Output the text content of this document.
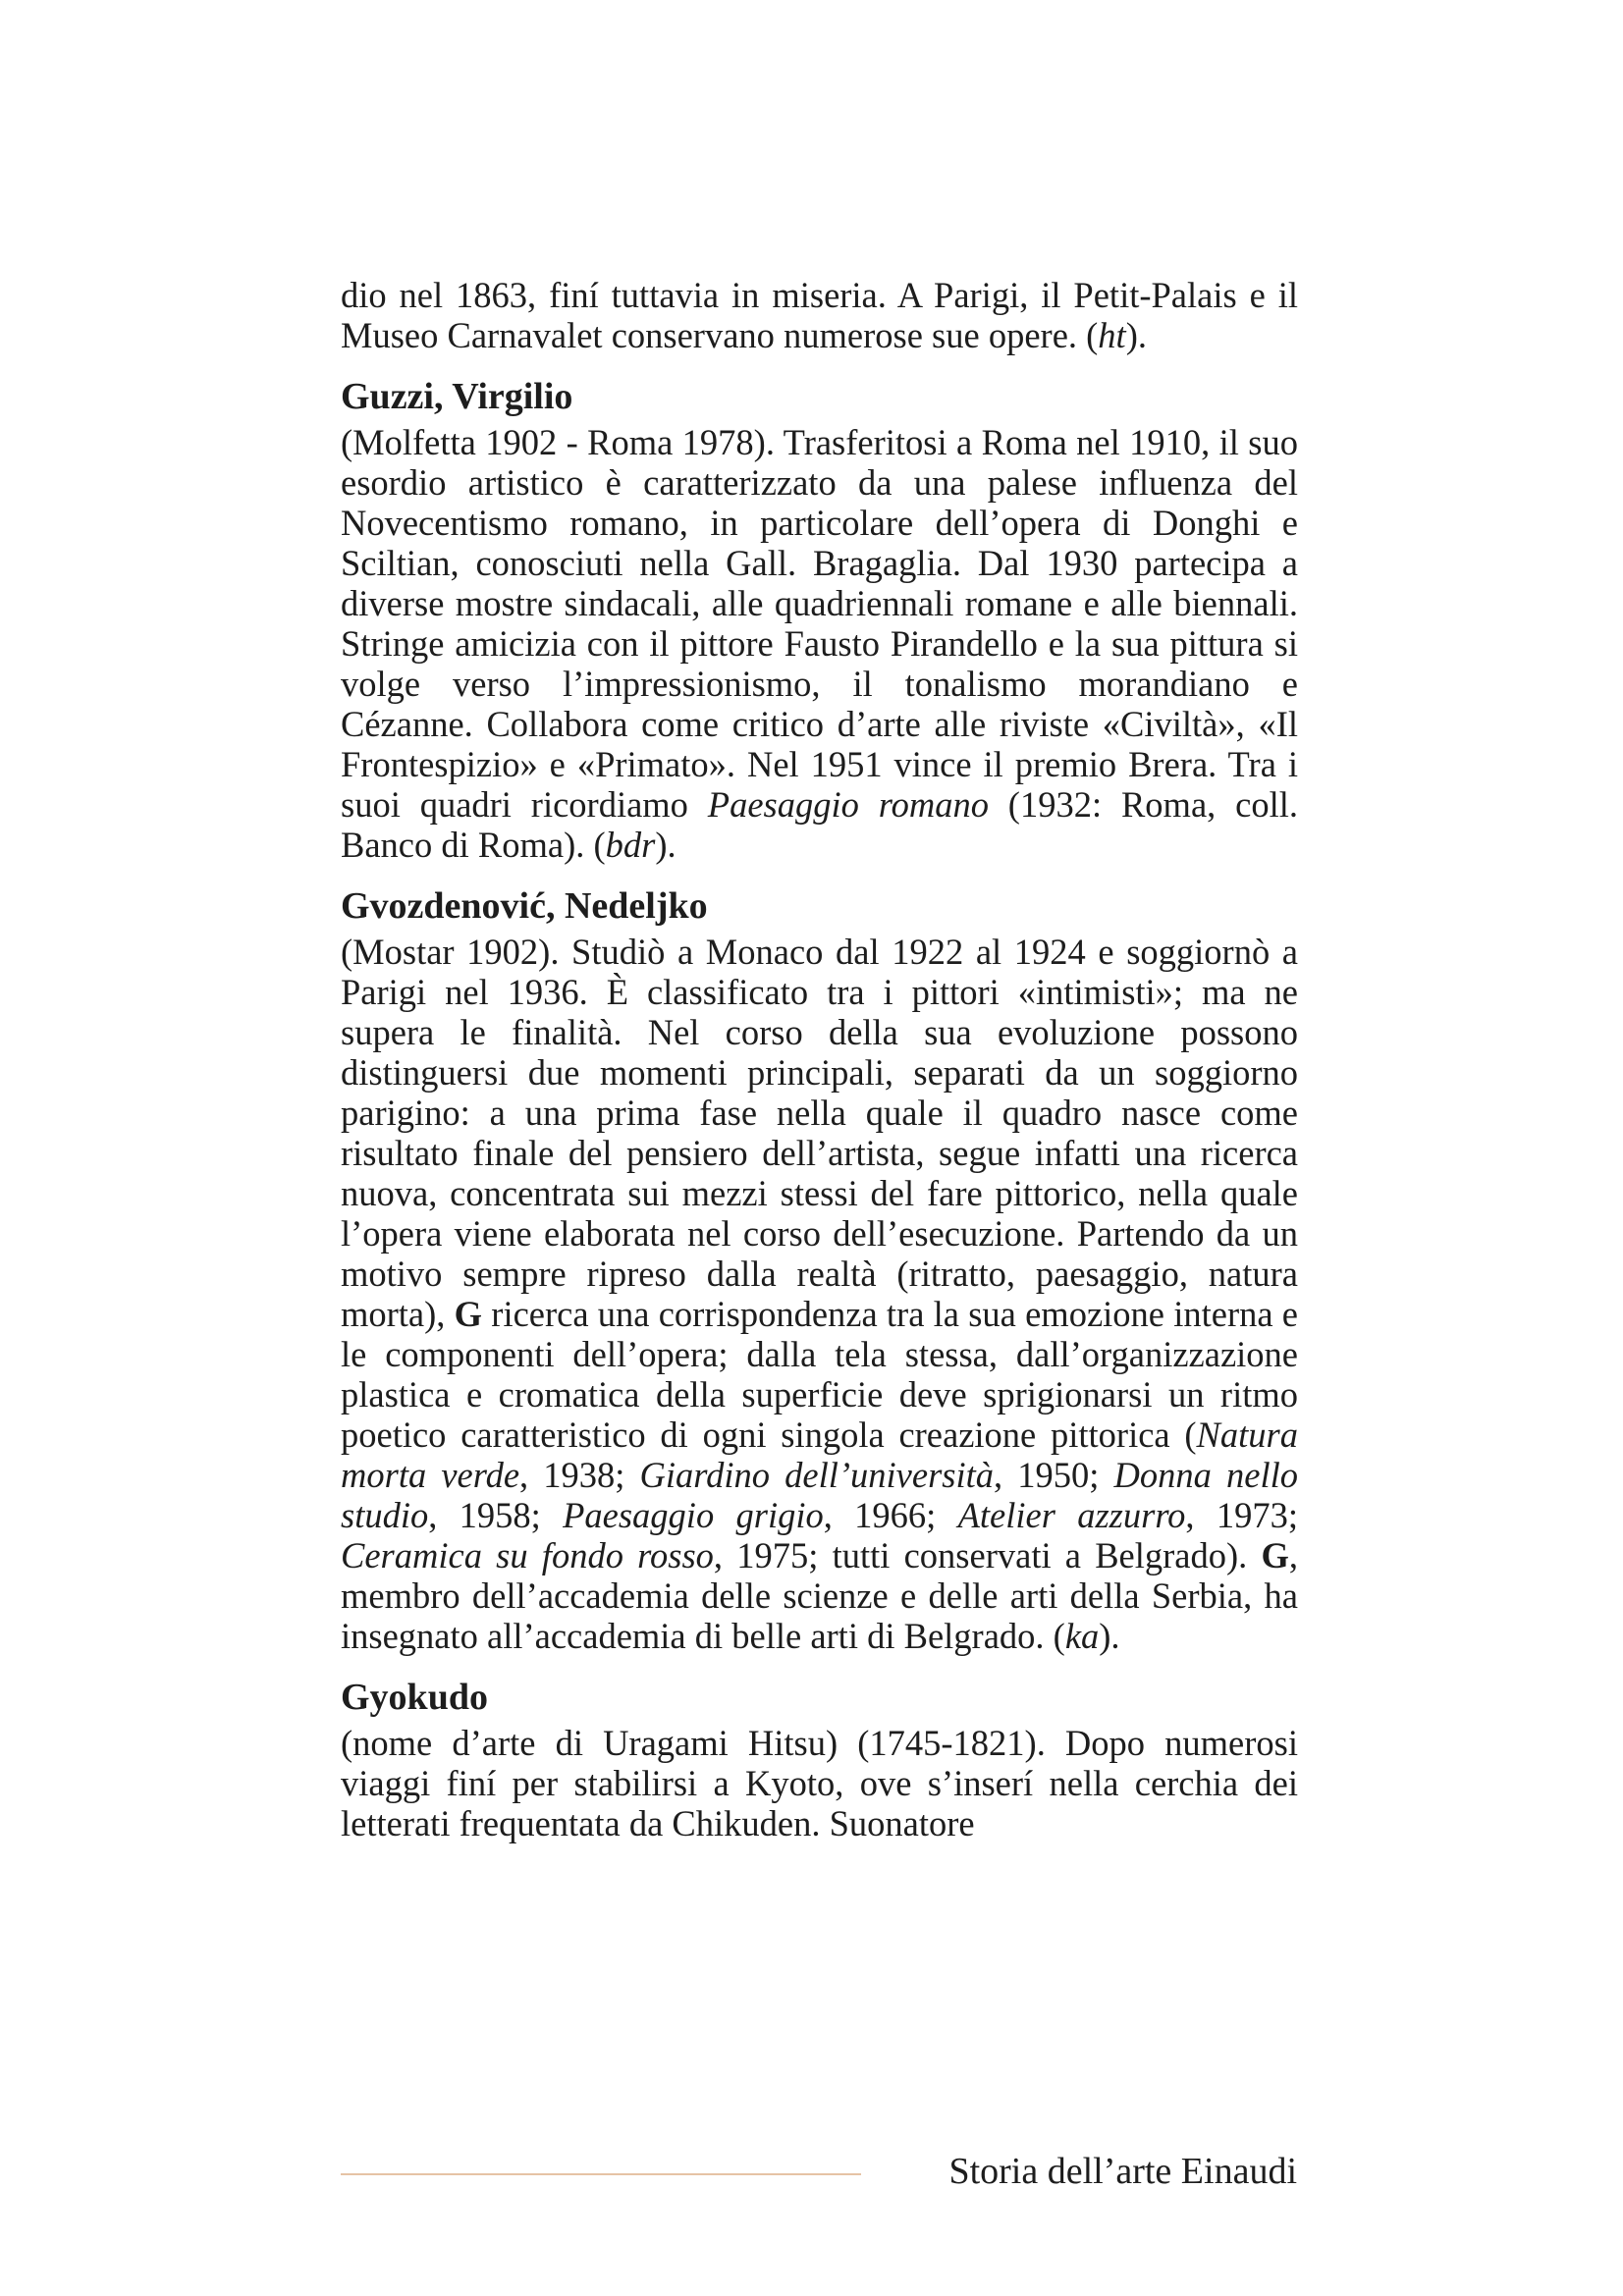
dio nel 1863, finí tuttavia in miseria. A Parigi, il Petit-Palais e il Museo Carnavalet conservano numerose sue opere. (ht).

Guzzi, Virgilio

(Molfetta 1902 - Roma 1978). Trasferitosi a Roma nel 1910, il suo esordio artistico è caratterizzato da una palese influenza del Novecentismo romano, in particolare dell’opera di Donghi e Sciltian, conosciuti nella Gall. Bragaglia. Dal 1930 partecipa a diverse mostre sindacali, alle quadriennali romane e alle biennali. Stringe amicizia con il pittore Fausto Pirandello e la sua pittura si volge verso l’impressionismo, il tonalismo morandiano e Cézanne. Collabora come critico d’arte alle riviste «Civiltà», «Il Frontespizio» e «Primato». Nel 1951 vince il premio Brera. Tra i suoi quadri ricordiamo Paesaggio romano (1932: Roma, coll. Banco di Roma). (bdr).

Gvozdenović, Nedeljko

(Mostar 1902). Studiò a Monaco dal 1922 al 1924 e soggiornò a Parigi nel 1936. È classificato tra i pittori «intimisti»; ma ne supera le finalità. Nel corso della sua evoluzione possono distinguersi due momenti principali, separati da un soggiorno parigino: a una prima fase nella quale il quadro nasce come risultato finale del pensiero dell’artista, segue infatti una ricerca nuova, concentrata sui mezzi stessi del fare pittorico, nella quale l’opera viene elaborata nel corso dell’esecuzione. Partendo da un motivo sempre ripreso dalla realtà (ritratto, paesaggio, natura morta), G ricerca una corrispondenza tra la sua emozione interna e le componenti dell’opera; dalla tela stessa, dall’organizzazione plastica e cromatica della superficie deve sprigionarsi un ritmo poetico caratteristico di ogni singola creazione pittorica (Natura morta verde, 1938; Giardino dell’università, 1950; Donna nello studio, 1958; Paesaggio grigio, 1966; Atelier azzurro, 1973; Ceramica su fondo rosso, 1975; tutti conservati a Belgrado). G, membro dell’accademia delle scienze e delle arti della Serbia, ha insegnato all’accademia di belle arti di Belgrado. (ka).

Gyokudo

(nome d’arte di Uragami Hitsu) (1745-1821). Dopo numerosi viaggi finí per stabilirsi a Kyoto, ove s’inserí nella cerchia dei letterati frequentata da Chikuden. Suonatore

Storia dell’arte Einaudi
